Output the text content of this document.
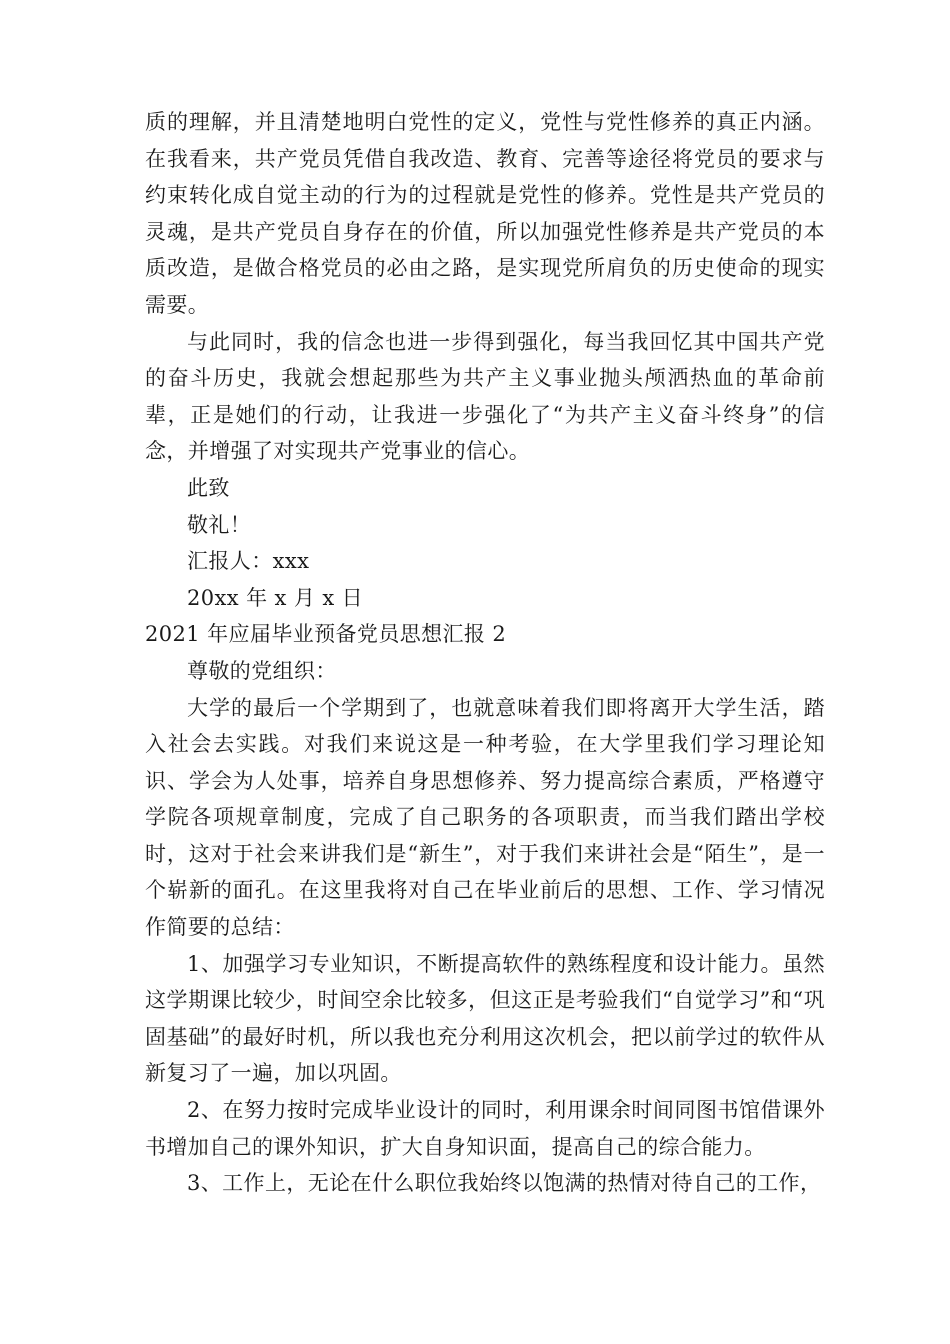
质的理解，并且清楚地明白党性的定义，党性与党性修养的真正内涵。在我看来，共产党员凭借自我改造、教育、完善等途径将党员的要求与约束转化成自觉主动的行为的过程就是党性的修养。党性是共产党员的灵魂，是共产党员自身存在的价值，所以加强党性修养是共产党员的本质改造，是做合格党员的必由之路，是实现党所肩负的历史使命的现实需要。

与此同时，我的信念也进一步得到强化，每当我回忆其中国共产党的奋斗历史，我就会想起那些为共产主义事业抛头颅洒热血的革命前辈，正是她们的行动，让我进一步强化了“为共产主义奋斗终身”的信念，并增强了对实现共产党事业的信心。

此致

敬礼！

汇报人：xxx

20xx 年 x 月 x 日

2021 年应届毕业预备党员思想汇报 2

尊敬的党组织：

大学的最后一个学期到了，也就意味着我们即将离开大学生活，踏入社会去实践。对我们来说这是一种考验，在大学里我们学习理论知识、学会为人处事，培养自身思想修养、努力提高综合素质，严格遵守学院各项规章制度，完成了自己职务的各项职责，而当我们踏出学校时，这对于社会来讲我们是“新生”，对于我们来讲社会是“陌生”，是一个崭新的面孔。在这里我将对自己在毕业前后的思想、工作、学习情况作简要的总结：

1、加强学习专业知识，不断提高软件的熟练程度和设计能力。虽然这学期课比较少，时间空余比较多，但这正是考验我们“自觉学习”和“巩固基础”的最好时机，所以我也充分利用这次机会，把以前学过的软件从新复习了一遍，加以巩固。

2、在努力按时完成毕业设计的同时，利用课余时间同图书馆借课外书增加自己的课外知识，扩大自身知识面，提高自己的综合能力。

3、工作上，无论在什么职位我始终以饱满的热情对待自己的工作，
